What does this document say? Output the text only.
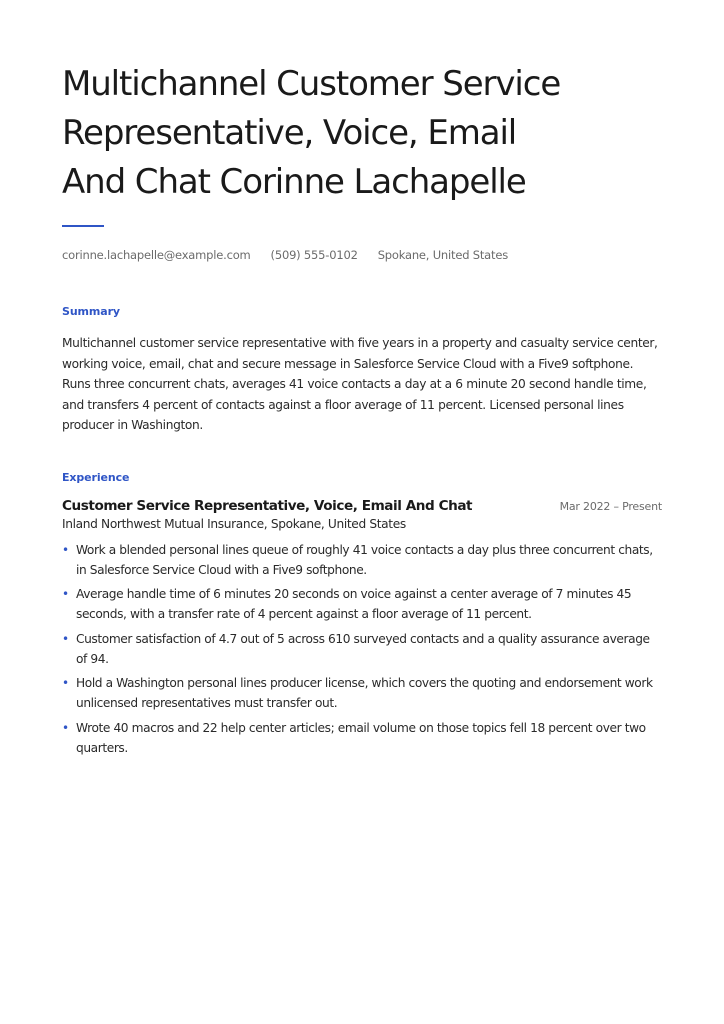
Multichannel Customer Service
Representative, Voice, Email
And Chat Corinne Lachapelle
corinne.lachapelle@example.com (509) 555-0102 Spokane, United States
Summary

Multichannel customer service representative with five years in a property and casualty service center, working voice, email, chat and secure message in Salesforce Service Cloud with a Five9 softphone. Runs three concurrent chats, averages 41 voice contacts a day at a 6 minute 20 second handle time, and transfers 4 percent of contacts against a floor average of 11 percent. Licensed personal lines producer in Washington.

Experience
Customer Service Representative, Voice, Email And Chat	Mar 2022 – Present
Inland Northwest Mutual Insurance, Spokane, United States
• Work a blended personal lines queue of roughly 41 voice contacts a day plus three concurrent chats, in Salesforce Service Cloud with a Five9 softphone.
• Average handle time of 6 minutes 20 seconds on voice against a center average of 7 minutes 45 seconds, with a transfer rate of 4 percent against a floor average of 11 percent.
• Customer satisfaction of 4.7 out of 5 across 610 surveyed contacts and a quality assurance average of 94.
• Hold a Washington personal lines producer license, which covers the quoting and endorsement work unlicensed representatives must transfer out.
• Wrote 40 macros and 22 help center articles; email volume on those topics fell 18 percent over two quarters.
